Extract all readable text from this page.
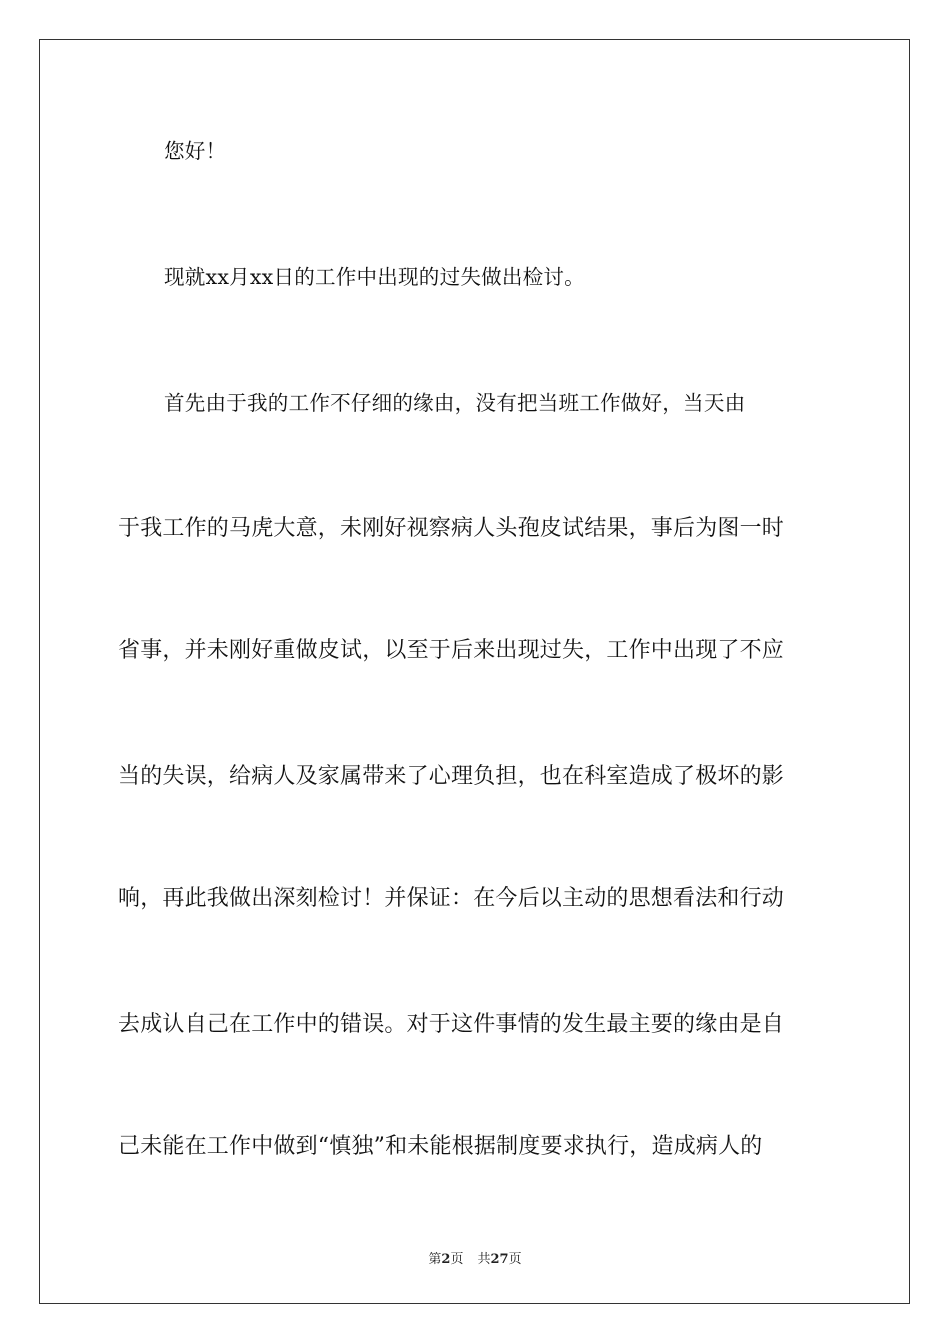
您好！
现就xx月xx日的工作中出现的过失做出检讨。
首先由于我的工作不仔细的缘由，没有把当班工作做好，当天由
于我工作的马虎大意，未刚好视察病人头孢皮试结果，事后为图一时
省事，并未刚好重做皮试，以至于后来出现过失，工作中出现了不应
当的失误，给病人及家属带来了心理负担，也在科室造成了极坏的影
响，再此我做出深刻检讨！并保证：在今后以主动的思想看法和行动
去成认自己在工作中的错误。对于这件事情的发生最主要的缘由是自
己未能在工作中做到“慎独”和未能根据制度要求执行，造成病人的
第2页 共27页
